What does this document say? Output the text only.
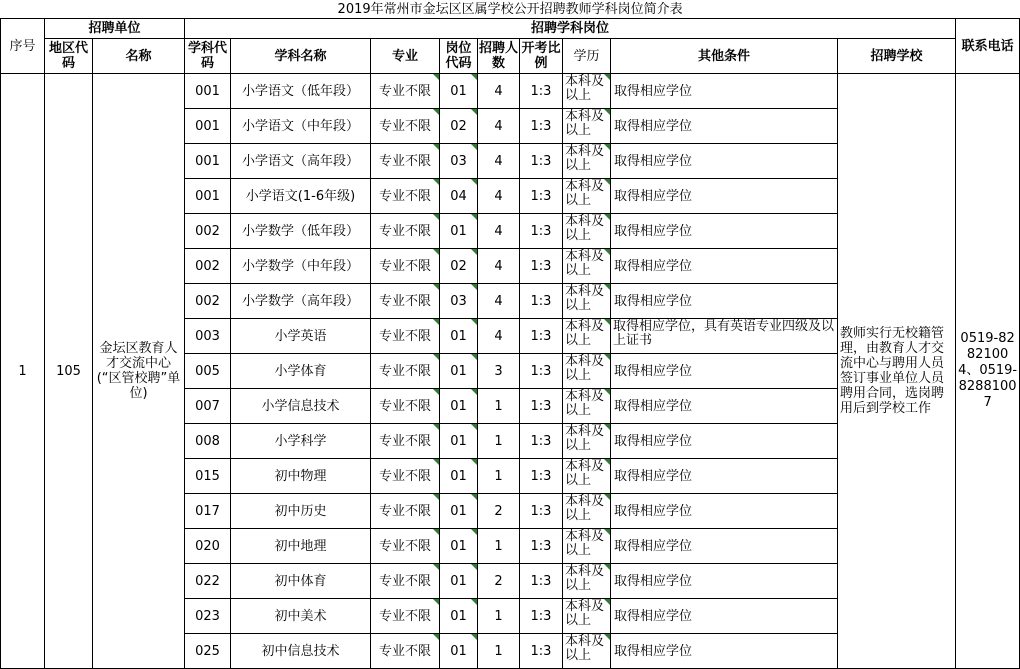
2019年常州市金坛区区属学校公开招聘教师学科岗位简介表												
序号	招聘单位		招聘学科岗位									联系电话
	地区代码	名称	学科代码	学科名称	专业	岗位代码	招聘人数	开考比例	学历	其他条件	招聘学校	
1	105	金坛区教育人才交流中心(“区管校聘”单位)	001	小学语文（低年段）	专业不限	01	4	1:3	本科及以上	取得相应学位	教师实行无校籍管理，由教育人才交流中心与聘用人员签订事业单位人员聘用合同，选岗聘用后到学校工作	0519-82821004、0519-82881007
			001	小学语文（中年段）	专业不限	02	4	1:3	本科及以上	取得相应学位		
			001	小学语文（高年段）	专业不限	03	4	1:3	本科及以上	取得相应学位		
			001	小学语文(1-6年级)	专业不限	04	4	1:3	本科及以上	取得相应学位		
			002	小学数学（低年段）	专业不限	01	4	1:3	本科及以上	取得相应学位		
			002	小学数学（中年段）	专业不限	02	4	1:3	本科及以上	取得相应学位		
			002	小学数学（高年段）	专业不限	03	4	1:3	本科及以上	取得相应学位		
			003	小学英语	专业不限	01	4	1:3	本科及以上	取得相应学位，具有英语专业四级及以上证书		
			005	小学体育	专业不限	01	3	1:3	本科及以上	取得相应学位		
			007	小学信息技术	专业不限	01	1	1:3	本科及以上	取得相应学位		
			008	小学科学	专业不限	01	1	1:3	本科及以上	取得相应学位		
			015	初中物理	专业不限	01	1	1:3	本科及以上	取得相应学位		
			017	初中历史	专业不限	01	2	1:3	本科及以上	取得相应学位		
			020	初中地理	专业不限	01	1	1:3	本科及以上	取得相应学位		
			022	初中体育	专业不限	01	2	1:3	本科及以上	取得相应学位		
			023	初中美术	专业不限	01	1	1:3	本科及以上	取得相应学位		
			025	初中信息技术	专业不限	01	1	1:3	本科及以上	取得相应学位		
